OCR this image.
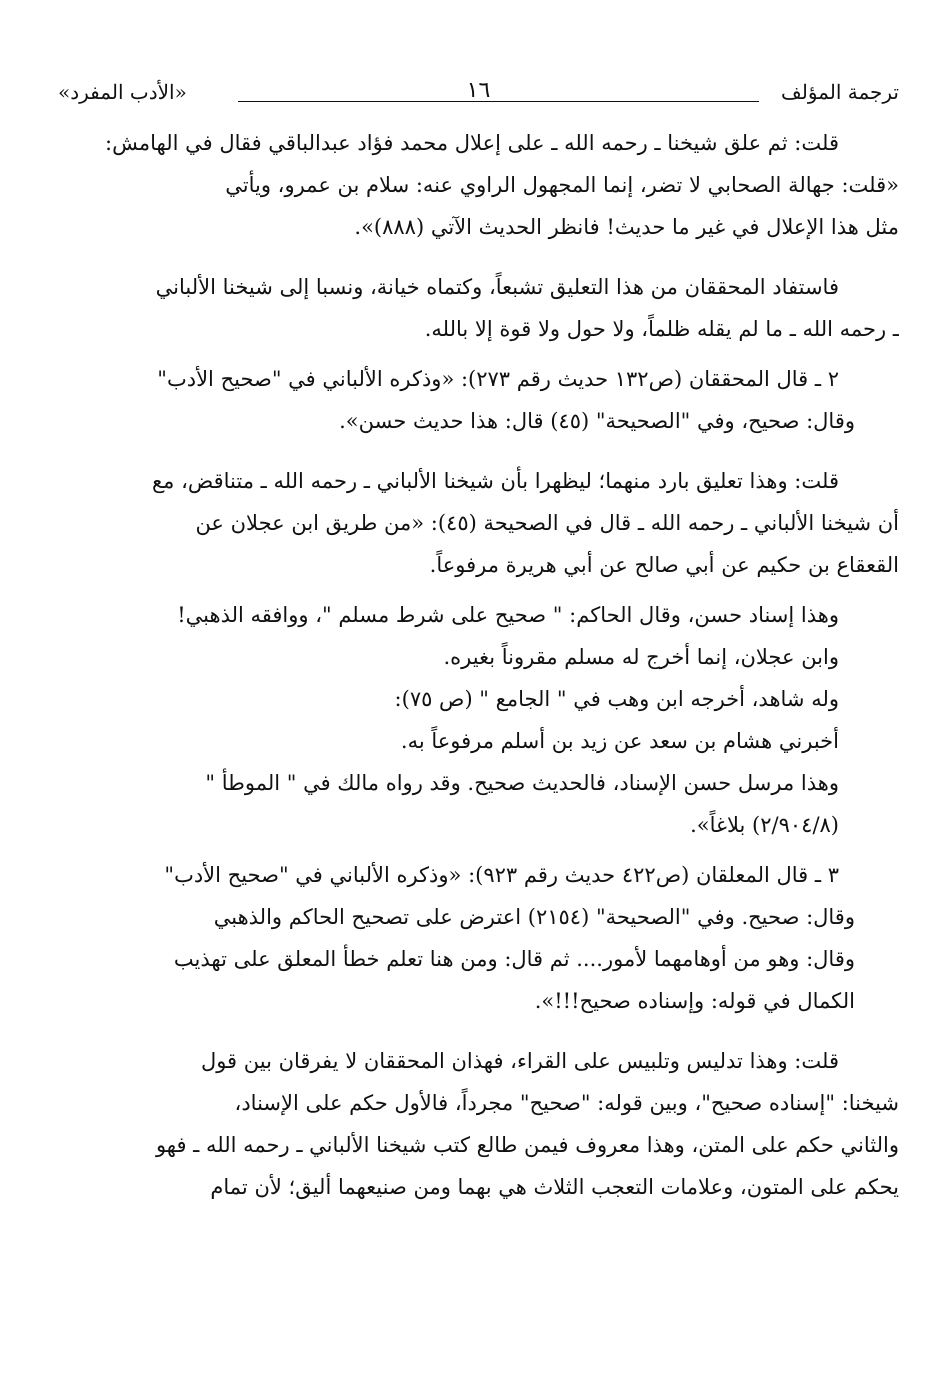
ترجمة المؤلف
١٦
«الأدب المفرد»
قلت: ثم علق شيخنا ـ رحمه الله ـ على إعلال محمد فؤاد عبدالباقي فقال في الهامش:
«قلت: جهالة الصحابي لا تضر، إنما المجهول الراوي عنه: سلام بن عمرو، ويأتي
مثل هذا الإعلال في غير ما حديث! فانظر الحديث الآتي (٨٨٨)».
فاستفاد المحققان من هذا التعليق تشبعاً، وكتماه خيانة، ونسبا إلى شيخنا الألباني
ـ رحمه الله ـ ما لم يقله ظلماً، ولا حول ولا قوة إلا بالله.
٢ ـ قال المحققان (ص١٣٢ حديث رقم ٢٧٣): «وذكره الألباني في "صحيح الأدب"
وقال: صحيح، وفي "الصحيحة" (٤٥) قال: هذا حديث حسن».
قلت: وهذا تعليق بارد منهما؛ ليظهرا بأن شيخنا الألباني ـ رحمه الله ـ متناقض، مع
أن شيخنا الألباني ـ رحمه الله ـ قال في الصحيحة (٤٥): «من طريق ابن عجلان عن
القعقاع بن حكيم عن أبي صالح عن أبي هريرة مرفوعاً.
وهذا إسناد حسن، وقال الحاكم: " صحيح على شرط مسلم "، ووافقه الذهبي!
وابن عجلان، إنما أخرج له مسلم مقروناً بغيره.
وله شاهد، أخرجه ابن وهب في " الجامع " (ص ٧٥):
أخبرني هشام بن سعد عن زيد بن أسلم مرفوعاً به.
وهذا مرسل حسن الإسناد، فالحديث صحيح. وقد رواه مالك في " الموطأ "
(٢/٩٠٤/٨) بلاغاً».
٣ ـ قال المعلقان (ص٤٢٢ حديث رقم ٩٢٣): «وذكره الألباني في "صحيح الأدب"
وقال: صحيح. وفي "الصحيحة" (٢١٥٤) اعترض على تصحيح الحاكم والذهبي
وقال: وهو من أوهامهما لأمور.... ثم قال: ومن هنا تعلم خطأ المعلق على تهذيب
الكمال في قوله: وإسناده صحيح!!!».
قلت: وهذا تدليس وتلبيس على القراء، فهذان المحققان لا يفرقان بين قول
شيخنا: "إسناده صحيح"، وبين قوله: "صحيح" مجرداً، فالأول حكم على الإسناد،
والثاني حكم على المتن، وهذا معروف فيمن طالع كتب شيخنا الألباني ـ رحمه الله ـ فهو
يحكم على المتون، وعلامات التعجب الثلاث هي بهما ومن صنيعهما أليق؛ لأن تمام
